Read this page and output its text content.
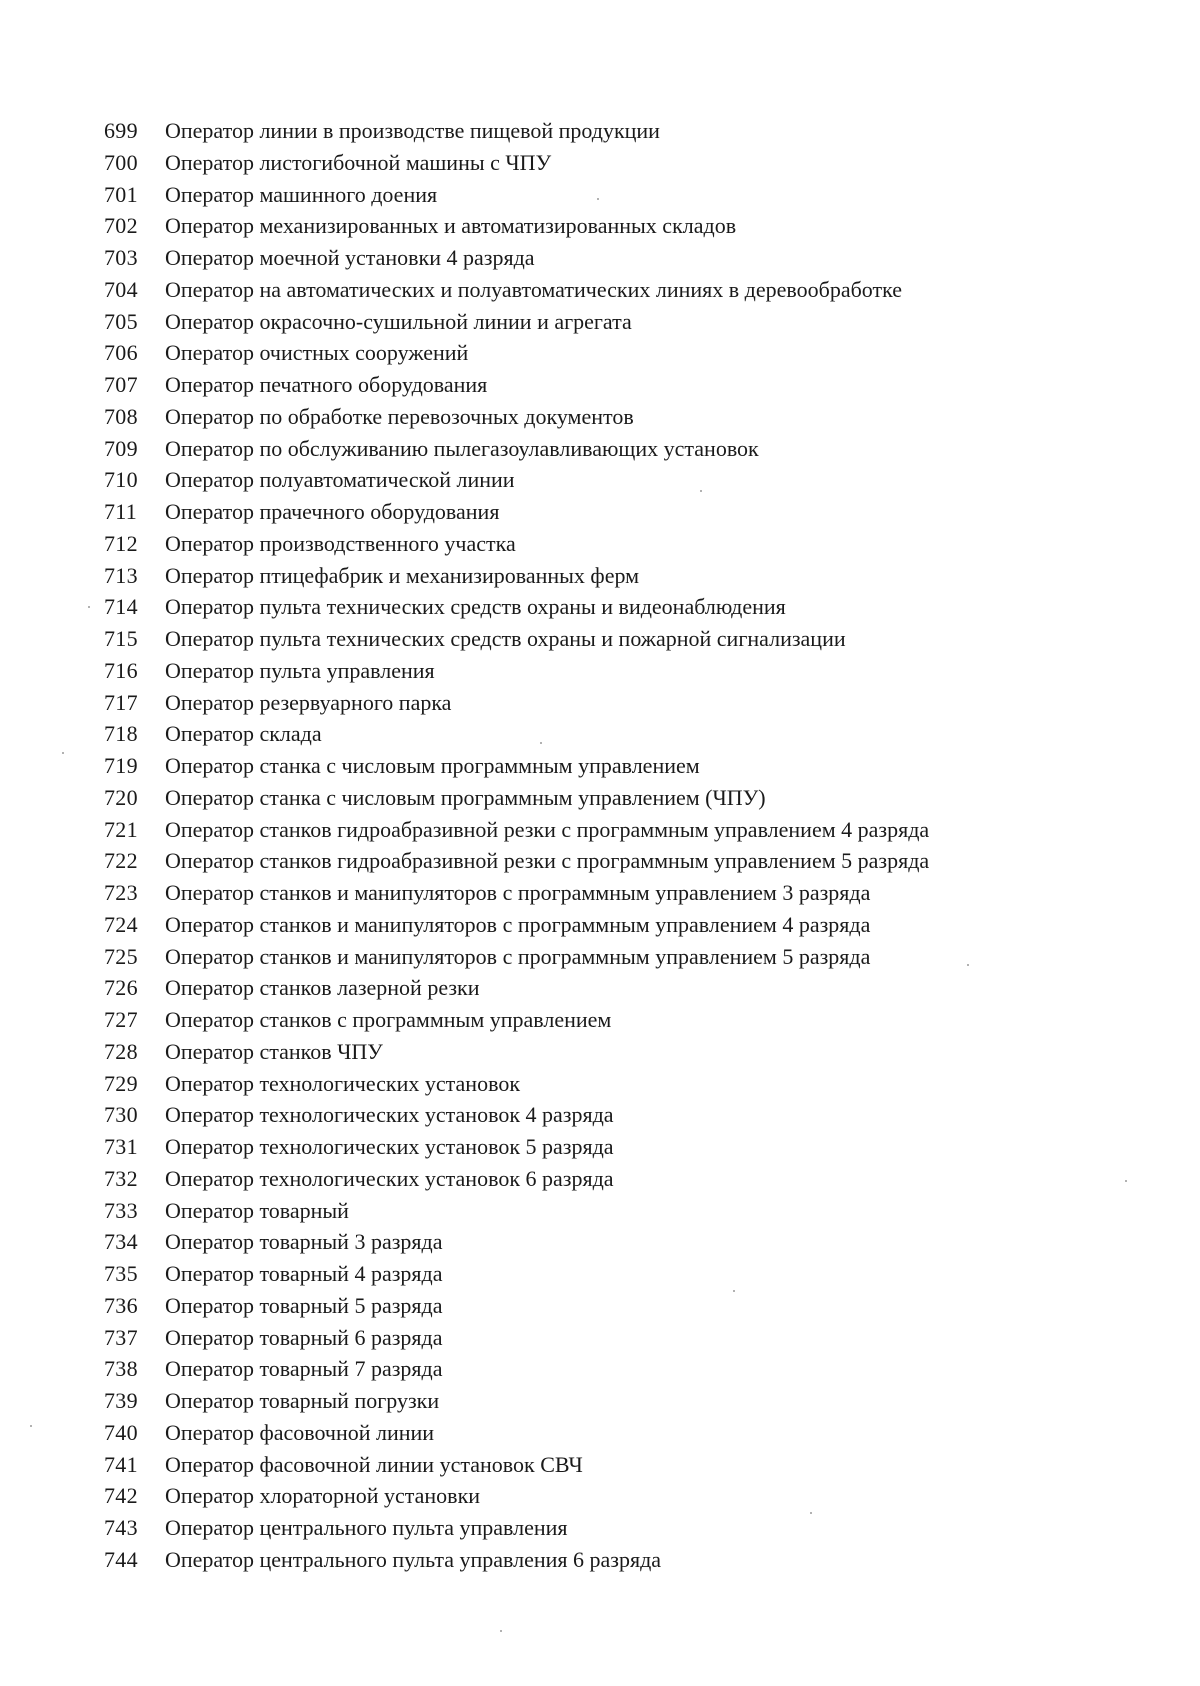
699	Оператор линии в производстве пищевой продукции
700	Оператор листогибочной машины с ЧПУ
701	Оператор машинного доения
702	Оператор механизированных и автоматизированных складов
703	Оператор моечной установки 4 разряда
704	Оператор на автоматических и полуавтоматических линиях в деревообработке
705	Оператор окрасочно-сушильной линии и агрегата
706	Оператор очистных сооружений
707	Оператор печатного оборудования
708	Оператор по обработке перевозочных документов
709	Оператор по обслуживанию пылегазоулавливающих установок
710	Оператор полуавтоматической линии
711	Оператор прачечного оборудования
712	Оператор производственного участка
713	Оператор птицефабрик и механизированных ферм
714	Оператор пульта технических средств охраны и видеонаблюдения
715	Оператор пульта технических средств охраны и пожарной сигнализации
716	Оператор пульта управления
717	Оператор резервуарного парка
718	Оператор склада
719	Оператор станка с числовым программным управлением
720	Оператор станка с числовым программным управлением (ЧПУ)
721	Оператор станков гидроабразивной резки с программным управлением 4 разряда
722	Оператор станков гидроабразивной резки с программным управлением 5 разряда
723	Оператор станков и манипуляторов с программным управлением 3 разряда
724	Оператор станков и манипуляторов с программным управлением 4 разряда
725	Оператор станков и манипуляторов с программным управлением 5 разряда
726	Оператор станков лазерной резки
727	Оператор станков с программным управлением
728	Оператор станков ЧПУ
729	Оператор технологических установок
730	Оператор технологических установок 4 разряда
731	Оператор технологических установок 5 разряда
732	Оператор технологических установок 6 разряда
733	Оператор товарный
734	Оператор товарный 3 разряда
735	Оператор товарный 4 разряда
736	Оператор товарный 5 разряда
737	Оператор товарный 6 разряда
738	Оператор товарный 7 разряда
739	Оператор товарный погрузки
740	Оператор фасовочной линии
741	Оператор фасовочной линии установок СВЧ
742	Оператор хлораторной установки
743	Оператор центрального пульта управления
744	Оператор центрального пульта управления 6 разряда
